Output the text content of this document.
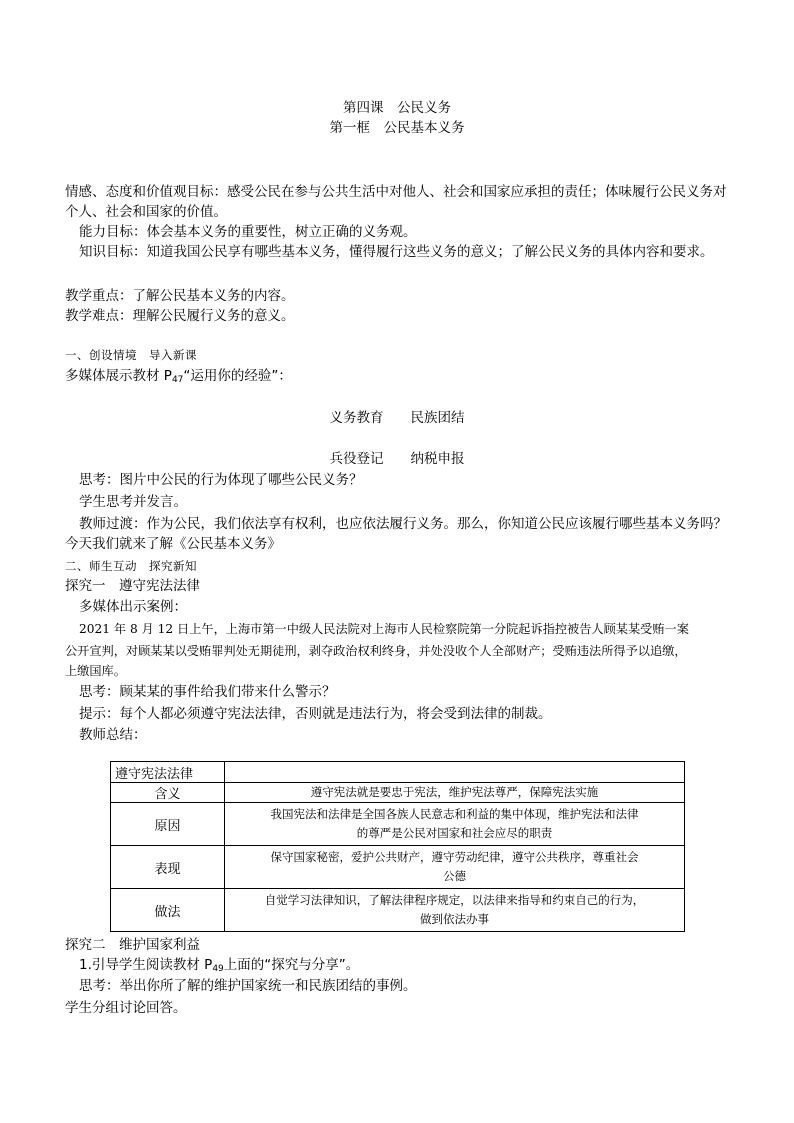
第四课　公民义务
第一框　公民基本义务
情感、态度和价值观目标：感受公民在参与公共生活中对他人、社会和国家应承担的责任；体味履行公民义务对
个人、社会和国家的价值。
能力目标：体会基本义务的重要性，树立正确的义务观。
知识目标：知道我国公民享有哪些基本义务，懂得履行这些义务的意义；了解公民义务的具体内容和要求。
教学重点：了解公民基本义务的内容。
教学难点：理解公民履行义务的意义。
一、创设情境　导入新课
多媒体展示教材 $P_{47}“$运用你的经验”：
义务教育　　民族团结
兵役登记　　纳税申报
思考：图片中公民的行为体现了哪些公民义务？
学生思考并发言。
教师过渡：作为公民，我们依法享有权利，也应依法履行义务。那么，你知道公民应该履行哪些基本义务吗？
今天我们就来了解《公民基本义务》
二、师生互动　探究新知
探究一　遵守宪法法律
多媒体出示案例：
2021 年 8 月 12 日上午，上海市第一中级人民法院对上海市人民检察院第一分院起诉指控被告人顾某某受贿一案
公开宣判，对顾某某以受贿罪判处无期徒刑，剥夺政治权利终身，并处没收个人全部财产；受贿违法所得予以追缴，
上缴国库。
思考：顾某某的事件给我们带来什么警示？
提示：每个人都必须遵守宪法法律，否则就是违法行为，将会受到法律的制裁。
教师总结：
遵守宪法法律	
含义	遵守宪法就是要忠于宪法，维护宪法尊严，保障宪法实施
原因	我国宪法和法律是全国各族人民意志和利益的集中体现，维护宪法和法律
的尊严是公民对国家和社会应尽的职责

表现	保守国家秘密，爱护公共财产，遵守劳动纪律，遵守公共秩序，尊重社会
公德

做法	自觉学习法律知识，了解法律程序规定，以法律来指导和约束自己的行为，
做到依法办事
探究二　维护国家利益
1.引导学生阅读教材 $P_{49}$上面的“探究与分享”。
思考：举出你所了解的维护国家统一和民族团结的事例。
学生分组讨论回答。
